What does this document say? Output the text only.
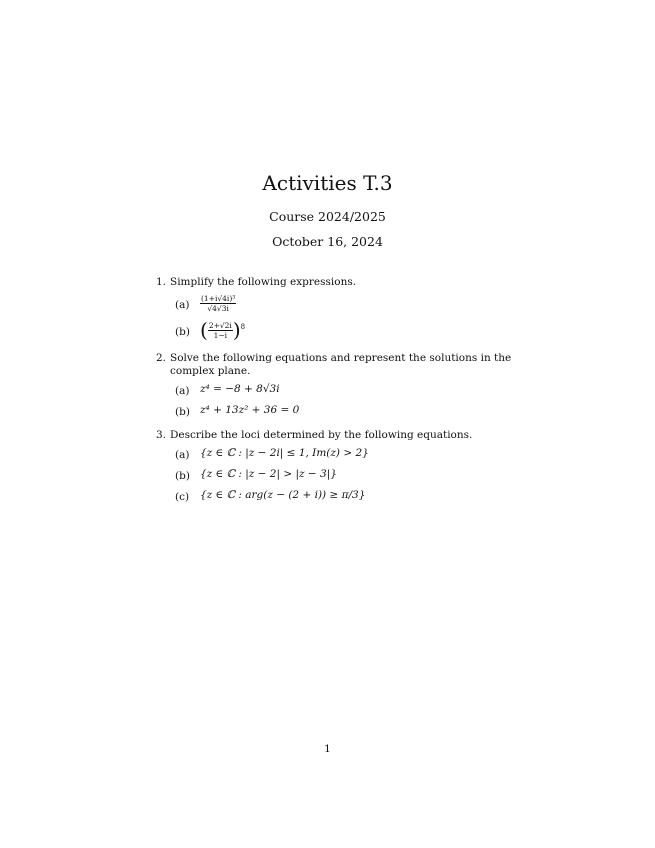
Activities T.3
Course 2024/2025
October 16, 2024
1. Simplify the following expressions.
$(a) \frac{\text{(1+i√4i)³}}{√4√3i}$
(b) ( $\frac{2+√2i}{1-i} )^8$
2. Solve the following equations and represent the solutions in the complex plane.
(a) z⁴ = −8 + 8√3i
(b) z⁴ + 13z² + 36 = 0
3. Describe the loci determined by the following equations.
(a) {z ∈ ℂ : |z − 2i| ≤ 1, Im(z) > 2}
(b) {z ∈ ℂ : |z − 2| > |z − 3|}
(c) {z ∈ ℂ : arg(z − (2 + i)) ≥ π/3}
1
